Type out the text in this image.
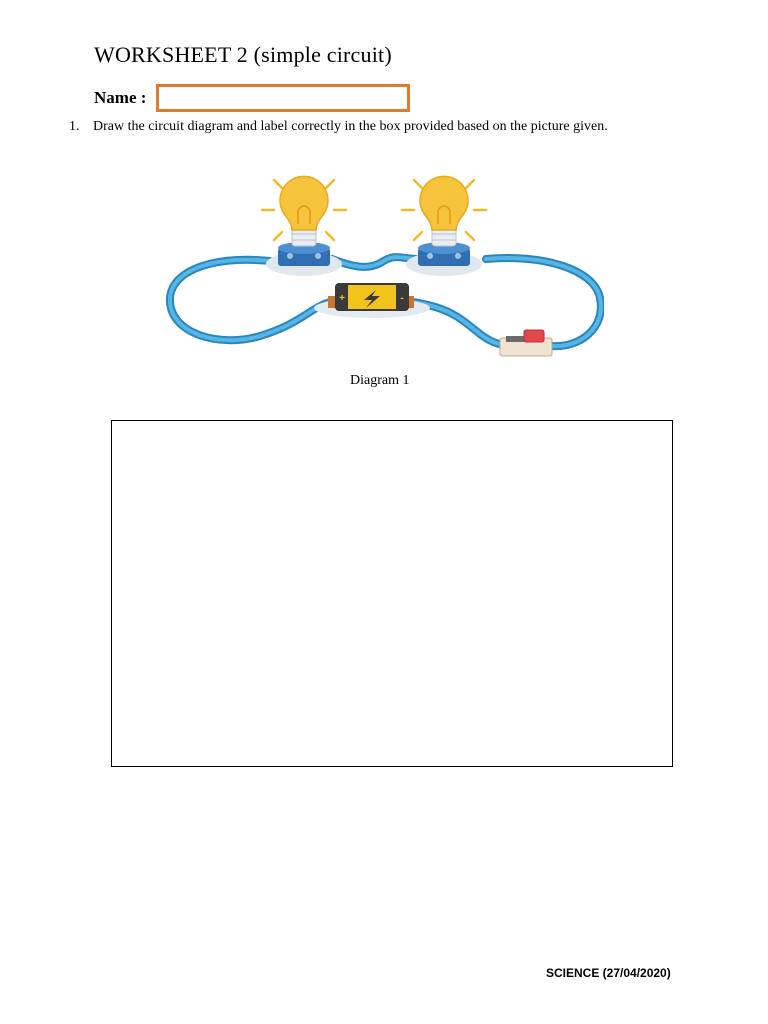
WORKSHEET 2 (simple circuit)
Name :
1. Draw the circuit diagram and label correctly in the box provided based on the picture given.
+	-
Diagram 1
SCIENCE (27/04/2020)
